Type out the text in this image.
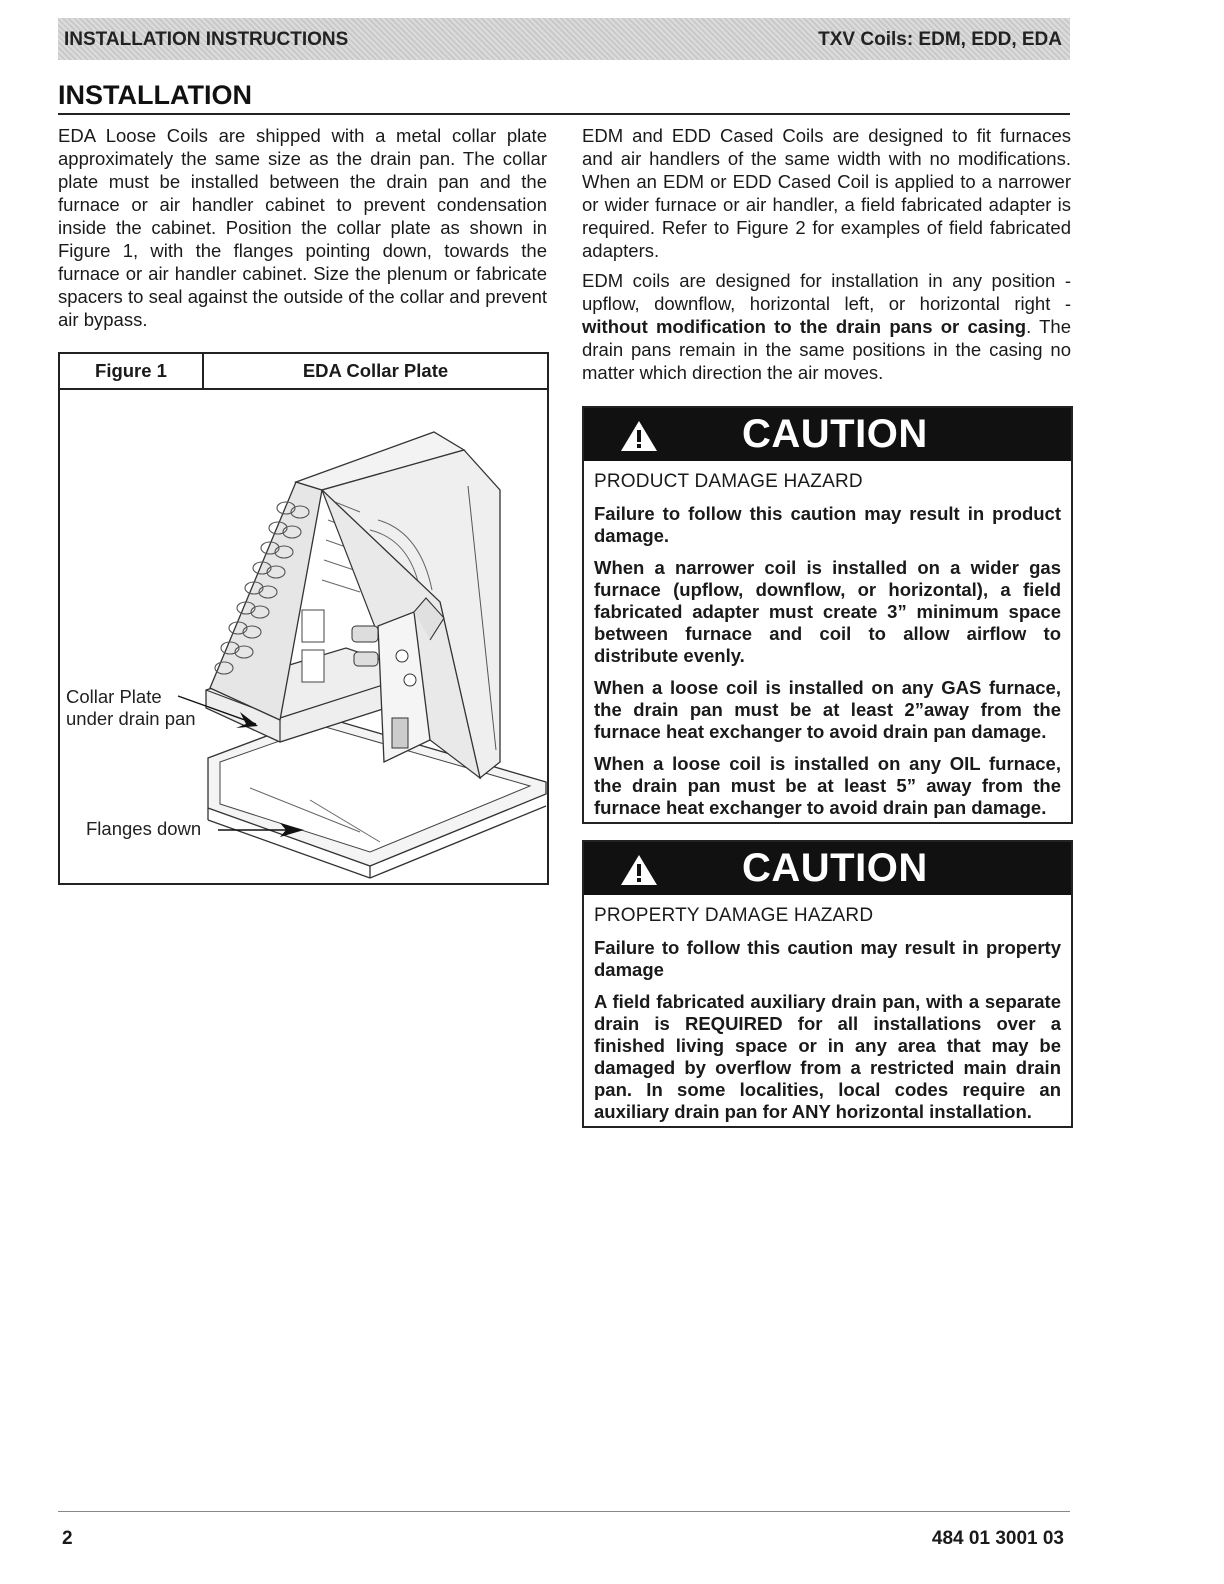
INSTALLATION INSTRUCTIONS	TXV Coils: EDM, EDD, EDA
INSTALLATION

EDA Loose Coils are shipped with a metal collar plate approximately the same size as the drain pan. The collar plate must be installed between the drain pan and the furnace or air handler cabinet to prevent condensation inside the cabinet. Position the collar plate as shown in Figure 1, with the flanges pointing down, towards the furnace or air handler cabinet. Size the plenum or fabricate spacers to seal against the outside of the collar and prevent air bypass.

Figure 1	EDA Collar Plate
Collar Plate
under drain pan
Flanges down

EDM and EDD Cased Coils are designed to fit furnaces and air handlers of the same width with no modifications. When an EDM or EDD Cased Coil is applied to a narrower or wider furnace or air handler, a field fabricated adapter is required. Refer to Figure 2 for examples of field fabricated adapters.

EDM coils are designed for installation in any position - upflow, downflow, horizontal left, or horizontal right - without modification to the drain pans or casing. The drain pans remain in the same positions in the casing no matter which direction the air moves.

CAUTION

PRODUCT DAMAGE HAZARD

Failure to follow this caution may result in product damage.

When a narrower coil is installed on a wider gas furnace (upflow, downflow, or horizontal), a field fabricated adapter must create 3” minimum space between furnace and coil to allow airflow to distribute evenly.

When a loose coil is installed on any GAS furnace, the drain pan must be at least 2”away from the furnace heat exchanger to avoid drain pan damage.

When a loose coil is installed on any OIL furnace, the drain pan must be at least 5” away from the furnace heat exchanger to avoid drain pan damage.

CAUTION

PROPERTY DAMAGE HAZARD

Failure to follow this caution may result in property damage

A field fabricated auxiliary drain pan, with a separate drain is REQUIRED for all installations over a finished living space or in any area that may be damaged by overflow from a restricted main drain pan. In some localities, local codes require an auxiliary drain pan for ANY horizontal installation.

2	484 01 3001 03
